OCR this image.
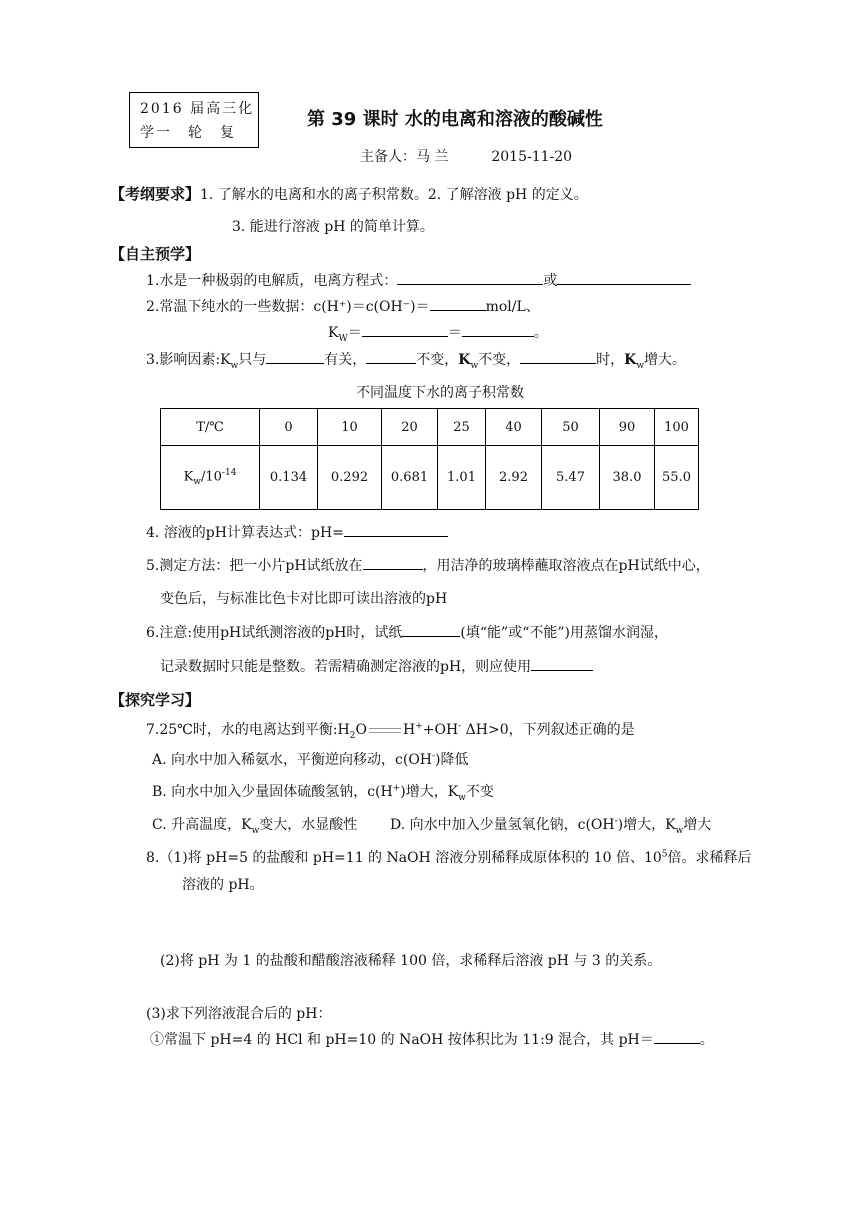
2016 届高三化
学一　轮　复
第 39 课时 水的电离和溶液的酸碱性
主备人：马 兰	2015-11-20
【考纲要求】1. 了解水的电离和水的离子积常数。2. 了解溶液 pH 的定义。
3. 能进行溶液 pH 的简单计算。
【自主预学】
1.水是一种极弱的电解质，电离方程式：	或
2.常温下纯水的一些数据：c(H⁺)＝c(OH⁻)＝	mol/L、
$K_W=$	＝	。
3.影响因素$:K_w$只与	有关，	不变，$K_w$不变，	时，$K_w$增大。
不同温度下水的离子积常数
T/℃	0	10	20	25	40	50	90	100
$K_w/10^{-14}$	0.134	0.292	0.681	1.01	2.92	5.47	38.0	55.0
4. 溶液的pH计算表达式：pH=
5.测定方法：把一小片pH试纸放在	，用洁净的玻璃棒蘸取溶液点在pH试纸中心，
变色后，与标准比色卡对比即可读出溶液的pH
6.注意:使用pH试纸测溶液的pH时，试纸	(填“能”或“不能”)用蒸馏水润湿，
记录数据时只能是整数。若需精确测定溶液的pH，则应使用
【探究学习】
7.25℃时，水的电离达到平衡$:H_2O$	H++OH- ΔH>0，下列叙述正确的是
A. 向水中加入稀氨水，平衡逆向移动，c(OH-)降低
B. 向水中加入少量固体硫酸氢钠，c(H+)增大，$K_w$不变
C. 升高温度，$K_w$变大，水显酸性 D. 向水中加入少量氢氧化钠，c(OH-)增大，$K_w$增大
8.（1)将 pH=5 的盐酸和 pH=11 的 NaOH 溶液分别稀释成原体积的 10 倍、$10^5$倍。求稀释后
溶液的 pH。
(2)将 pH 为 1 的盐酸和醋酸溶液稀释 100 倍，求稀释后溶液 pH 与 3 的关系。
(3)求下列溶液混合后的 pH：
①常温下 pH=4 的 HCl 和 pH=10 的 NaOH 按体积比为 11:9 混合，其 pH＝	。
